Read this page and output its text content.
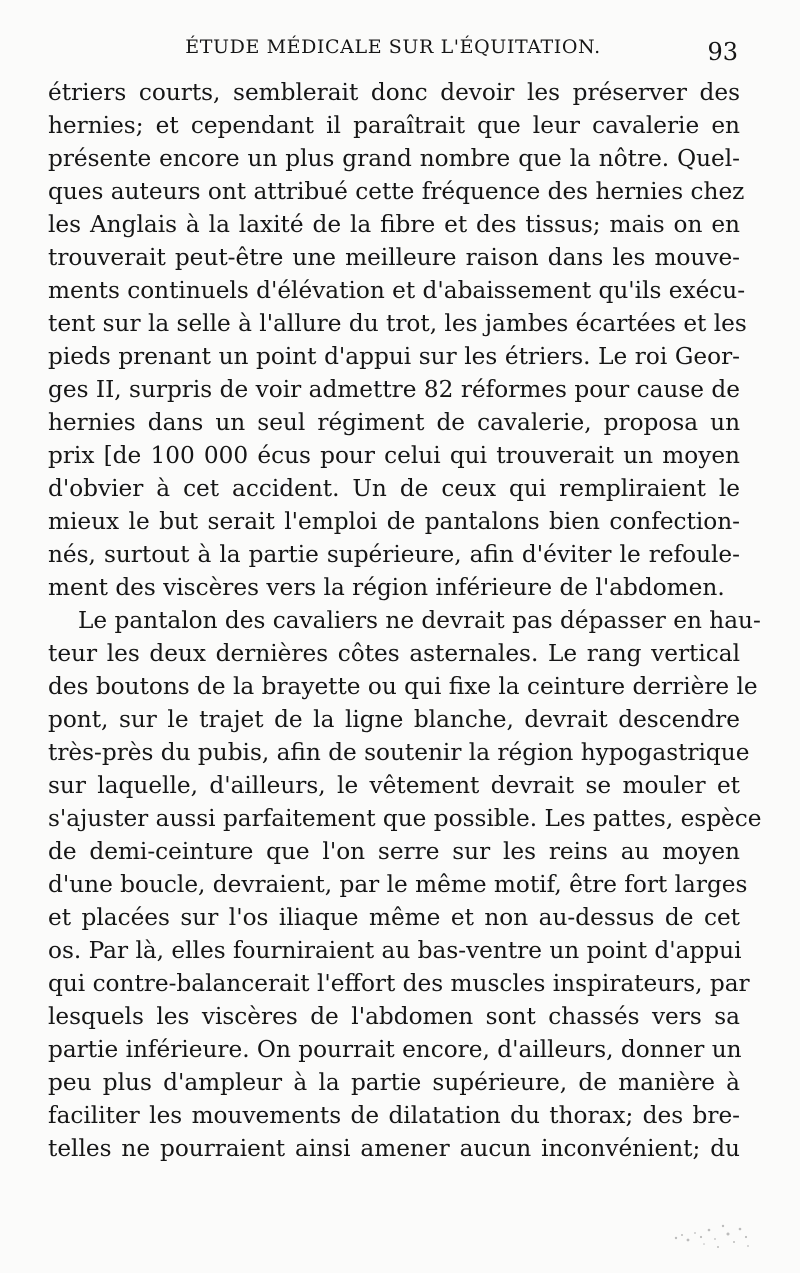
ÉTUDE MÉDICALE SUR L'ÉQUITATION.	93
étriers courts, semblerait donc devoir les préserver des
hernies; et cependant il paraîtrait que leur cavalerie en
présente encore un plus grand nombre que la nôtre. Quel-
ques auteurs ont attribué cette fréquence des hernies chez
les Anglais à la laxité de la fibre et des tissus; mais on en
trouverait peut-être une meilleure raison dans les mouve-
ments continuels d'élévation et d'abaissement qu'ils exécu-
tent sur la selle à l'allure du trot, les jambes écartées et les
pieds prenant un point d'appui sur les étriers. Le roi Geor-
ges II, surpris de voir admettre 82 réformes pour cause de
hernies dans un seul régiment de cavalerie, proposa un
prix [de 100 000 écus pour celui qui trouverait un moyen
d'obvier à cet accident. Un de ceux qui rempliraient le
mieux le but serait l'emploi de pantalons bien confection-
nés, surtout à la partie supérieure, afin d'éviter le refoule-
ment des viscères vers la région inférieure de l'abdomen.
Le pantalon des cavaliers ne devrait pas dépasser en hau-
teur les deux dernières côtes asternales. Le rang vertical
des boutons de la brayette ou qui fixe la ceinture derrière le
pont, sur le trajet de la ligne blanche, devrait descendre
très-près du pubis, afin de soutenir la région hypogastrique
sur laquelle, d'ailleurs, le vêtement devrait se mouler et
s'ajuster aussi parfaitement que possible. Les pattes, espèce
de demi-ceinture que l'on serre sur les reins au moyen
d'une boucle, devraient, par le même motif, être fort larges
et placées sur l'os iliaque même et non au-dessus de cet
os. Par là, elles fourniraient au bas-ventre un point d'appui
qui contre-balancerait l'effort des muscles inspirateurs, par
lesquels les viscères de l'abdomen sont chassés vers sa
partie inférieure. On pourrait encore, d'ailleurs, donner un
peu plus d'ampleur à la partie supérieure, de manière à
faciliter les mouvements de dilatation du thorax; des bre-
telles ne pourraient ainsi amener aucun inconvénient; du
